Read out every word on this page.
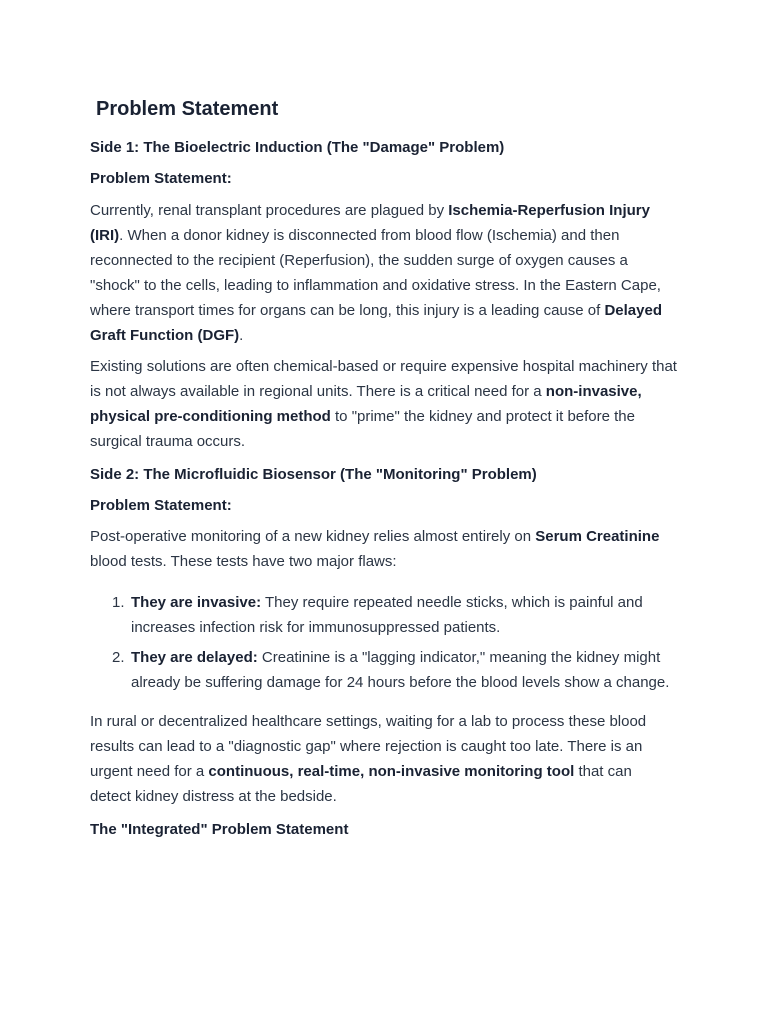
Problem Statement
Side 1: The Bioelectric Induction (The "Damage" Problem)
Problem Statement:

Currently, renal transplant procedures are plagued by Ischemia-Reperfusion Injury
(IRI). When a donor kidney is disconnected from blood flow (Ischemia) and then
reconnected to the recipient (Reperfusion), the sudden surge of oxygen causes a
"shock" to the cells, leading to inflammation and oxidative stress. In the Eastern Cape,
where transport times for organs can be long, this injury is a leading cause of Delayed
Graft Function (DGF).

Existing solutions are often chemical-based or require expensive hospital machinery that
is not always available in regional units. There is a critical need for a non-invasive,
physical pre-conditioning method to "prime" the kidney and protect it before the
surgical trauma occurs.

Side 2: The Microfluidic Biosensor (The "Monitoring" Problem)
Problem Statement:

Post-operative monitoring of a new kidney relies almost entirely on Serum Creatinine
blood tests. These tests have two major flaws:

1. They are invasive: They require repeated needle sticks, which is painful and
increases infection risk for immunosuppressed patients.

2. They are delayed: Creatinine is a "lagging indicator," meaning the kidney might
already be suffering damage for 24 hours before the blood levels show a change.

In rural or decentralized healthcare settings, waiting for a lab to process these blood
results can lead to a "diagnostic gap" where rejection is caught too late. There is an
urgent need for a continuous, real-time, non-invasive monitoring tool that can
detect kidney distress at the bedside.

The "Integrated" Problem Statement
